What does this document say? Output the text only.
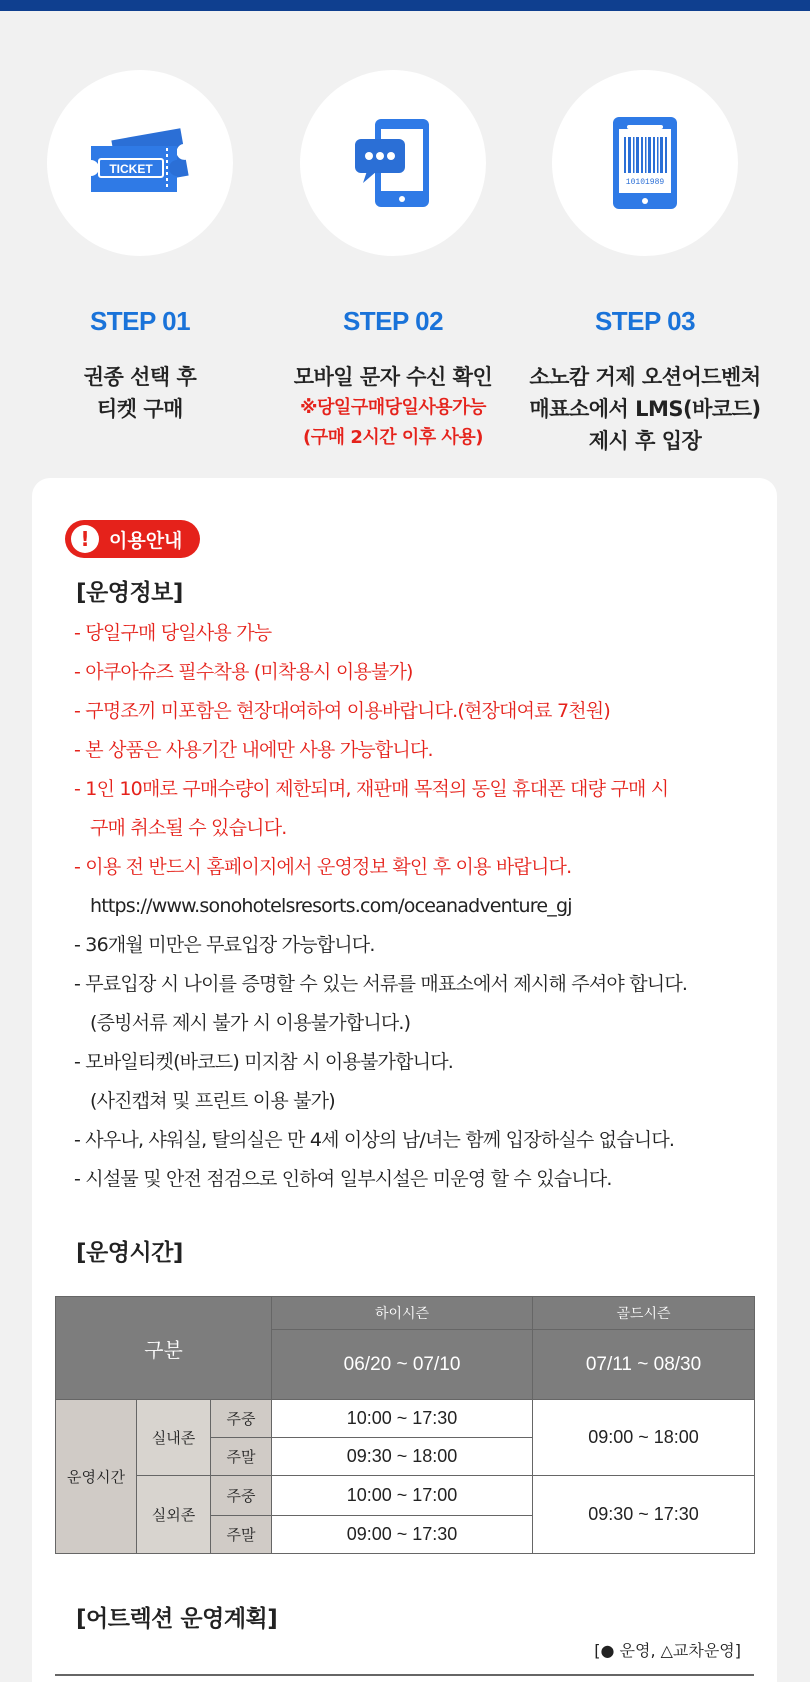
TICKET
STEP 01
권종 선택 후
티켓 구매
STEP 02
모바일 문자 수신 확인
※당일구매당일사용가능
(구매 2시간 이후 사용)
10101989
STEP 03
소노캄 거제 오션어드벤처
매표소에서 LMS(바코드)
제시 후 입장
!	이용안내
[운영정보]
- 당일구매 당일사용 가능
- 아쿠아슈즈 필수착용 (미착용시 이용불가)
- 구명조끼 미포함은 현장대여하여 이용바랍니다.(현장대여료 7천원)
- 본 상품은 사용기간 내에만 사용 가능합니다.
- 1인 10매로 구매수량이 제한되며, 재판매 목적의 동일 휴대폰 대량 구매 시
구매 취소될 수 있습니다.
- 이용 전 반드시 홈페이지에서 운영정보 확인 후 이용 바랍니다.
https://www.sonohotelsresorts.com/oceanadventure_gj
- 36개월 미만은 무료입장 가능합니다.
- 무료입장 시 나이를 증명할 수 있는 서류를 매표소에서 제시해 주셔야 합니다.
(증빙서류 제시 불가 시 이용불가합니다.)
- 모바일티켓(바코드) 미지참 시 이용불가합니다.
(사진캡쳐 및 프린트 이용 불가)
- 사우나, 샤워실, 탈의실은 만 4세 이상의 남/녀는 함께 입장하실수 없습니다.
- 시설물 및 안전 점검으로 인하여 일부시설은 미운영 할 수 있습니다.
[운영시간]
구분			하이시즌	골드시즌
			06/20 ~ 07/10	07/11 ~ 08/30
운영시간	실내존	주중	10:00 ~ 17:30	09:00 ~ 18:00
		주말	09:30 ~ 18:00	
	실외존	주중	10:00 ~ 17:00	09:30 ~ 17:30
		주말	09:00 ~ 17:30	
[어트렉션 운영계획]
[● 운영, △교차운영]
